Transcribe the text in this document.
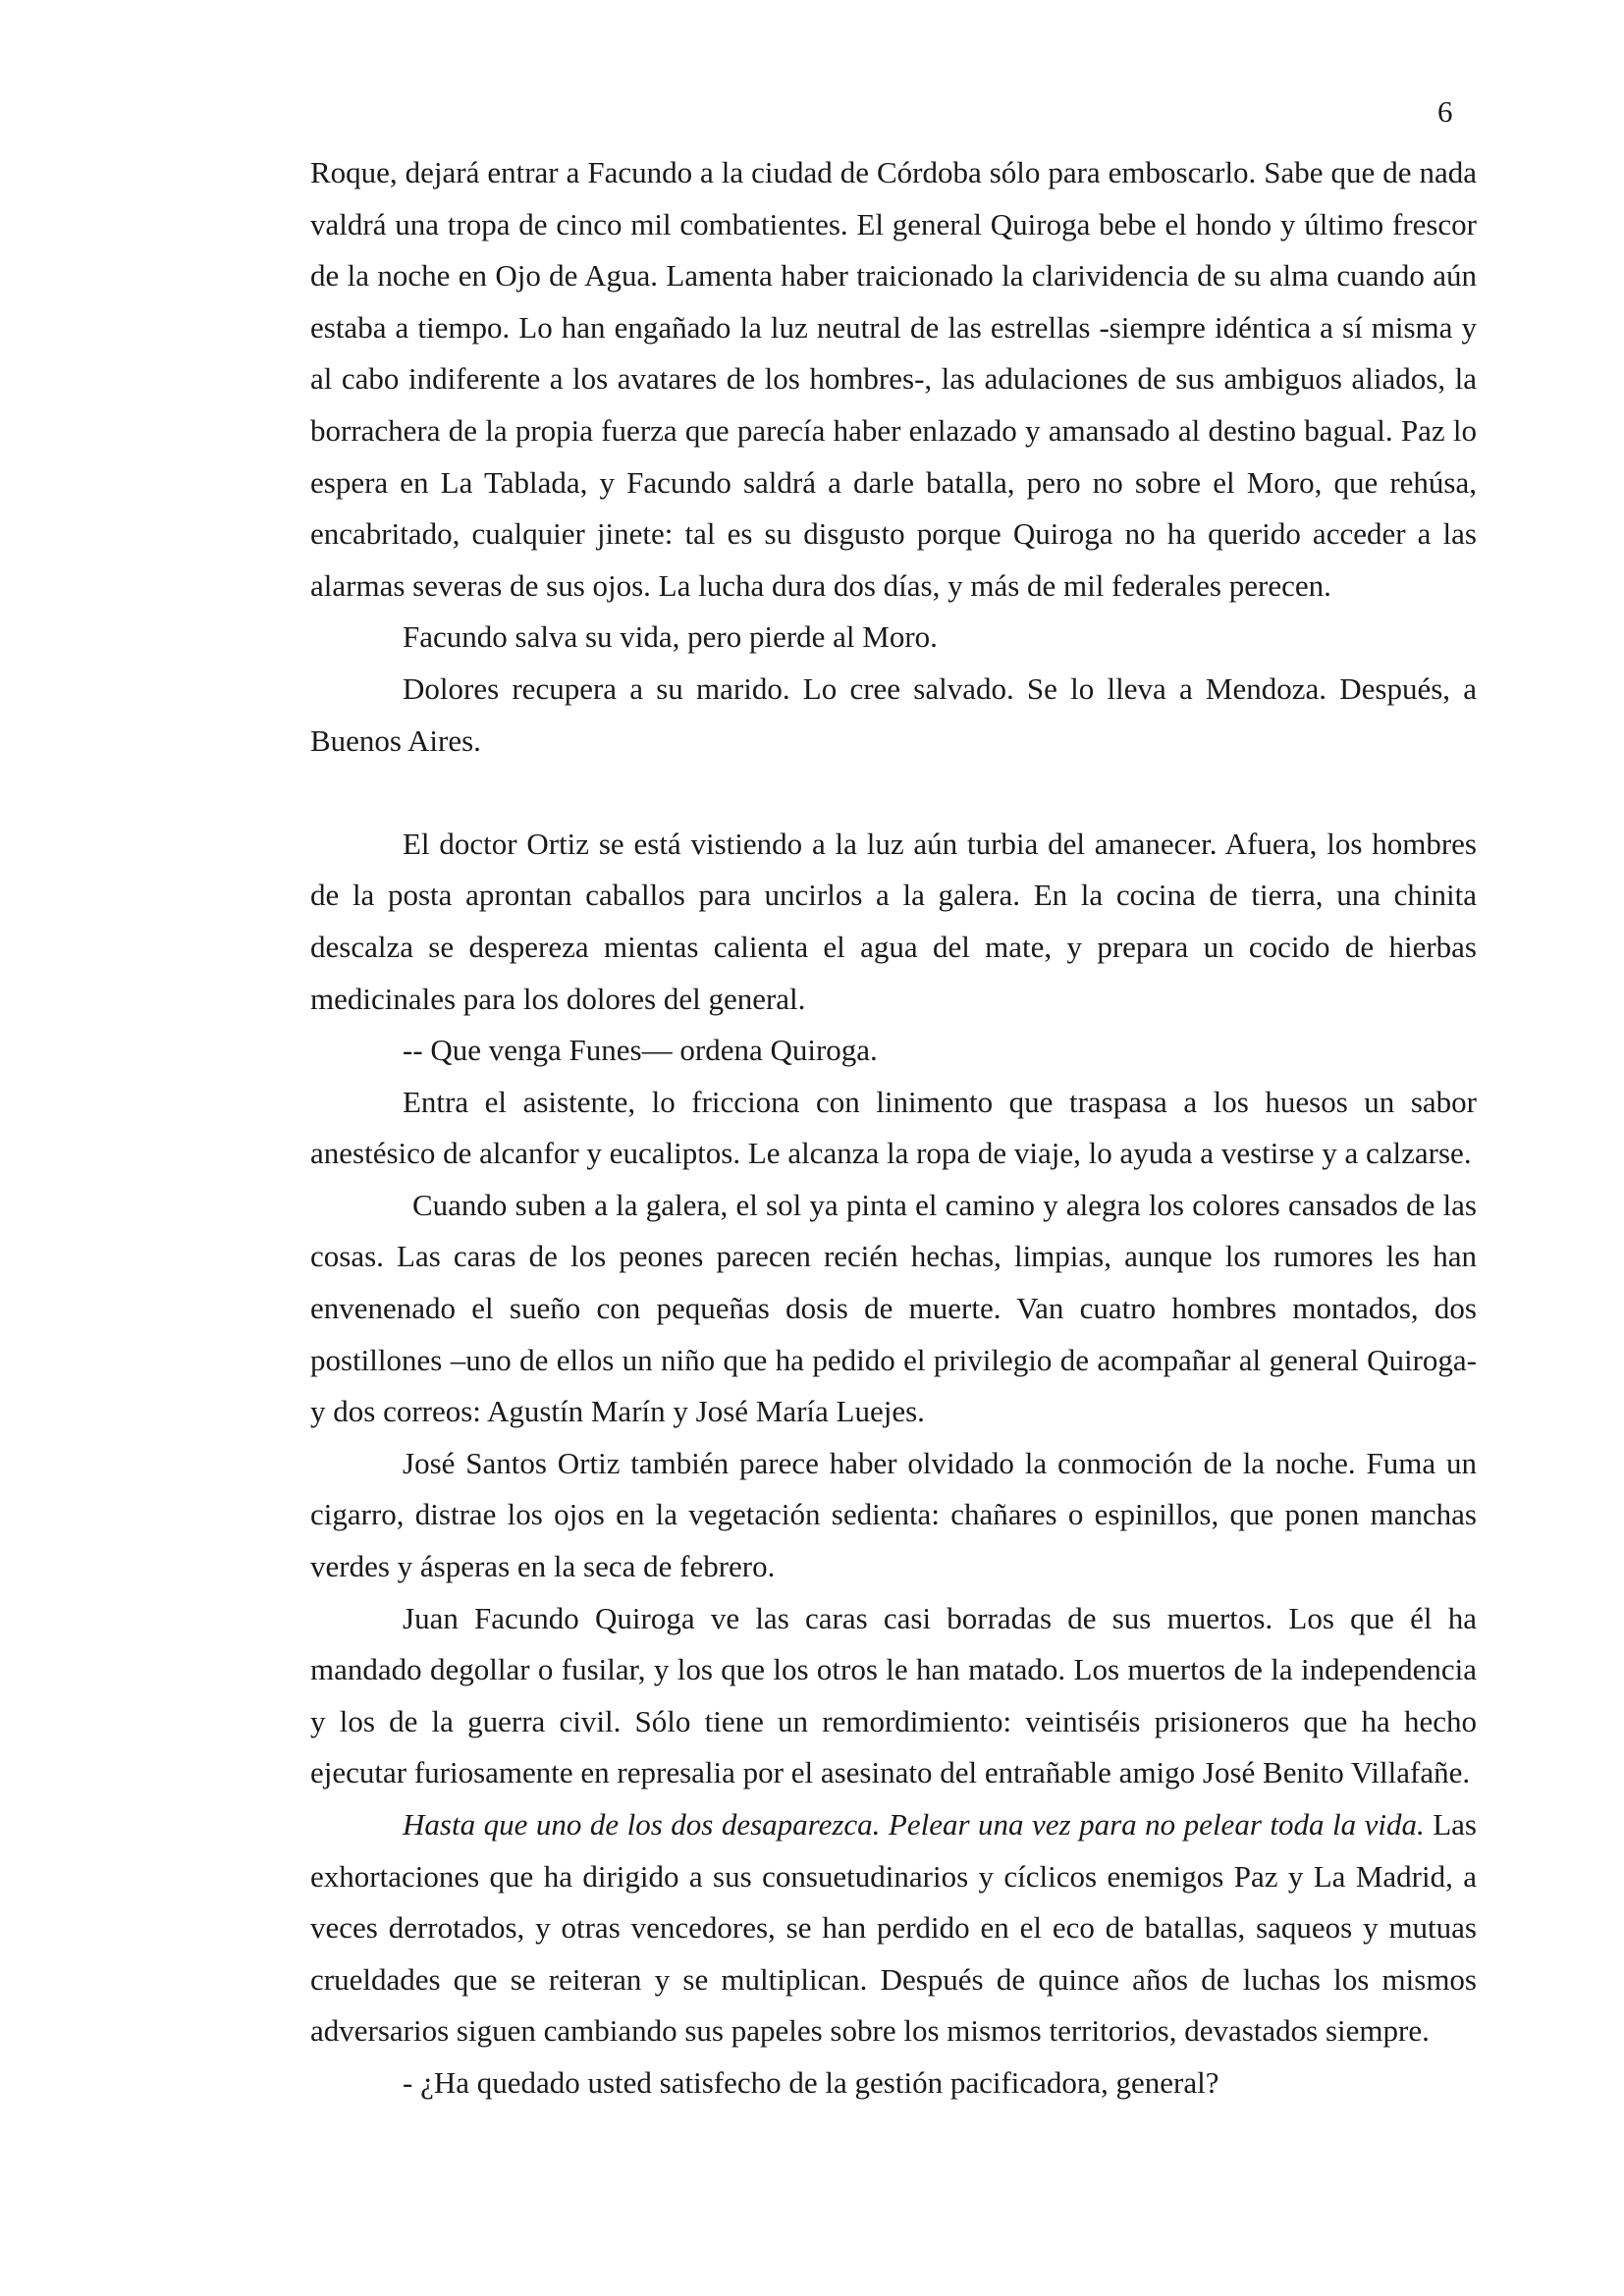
6

Roque, dejará entrar a Facundo a la ciudad de Córdoba sólo para emboscarlo. Sabe que de nada valdrá una tropa de cinco mil combatientes. El general Quiroga bebe el hondo y último frescor de la noche en Ojo de Agua. Lamenta haber traicionado la clarividencia de su alma cuando aún estaba a tiempo. Lo han engañado la luz neutral de las estrellas -siempre idéntica a sí misma y al cabo indiferente a los avatares de los hombres-, las adulaciones de sus ambiguos aliados, la borrachera de la propia fuerza que parecía haber enlazado y amansado al destino bagual. Paz lo espera en La Tablada, y Facundo saldrá a darle batalla, pero no sobre el Moro, que rehúsa, encabritado, cualquier jinete: tal es su disgusto porque Quiroga no ha querido acceder a las alarmas severas de sus ojos. La lucha dura dos días, y más de mil federales perecen.

Facundo salva su vida, pero pierde al Moro.

Dolores recupera a su marido. Lo cree salvado. Se lo lleva a Mendoza. Después, a Buenos Aires.

El doctor Ortiz se está vistiendo a la luz aún turbia del amanecer. Afuera, los hombres de la posta aprontan caballos para uncirlos a la galera. En la cocina de tierra, una chinita descalza se desperezа mientas calienta el agua del mate, y prepara un cocido de hierbas medicinales para los dolores del general.

-- Que venga Funes— ordena Quiroga.

Entra el asistente, lo fricciona con linimento que traspasa a los huesos un sabor anestésico de alcanfor y eucaliptos. Le alcanza la ropa de viaje, lo ayuda a vestirse y a calzarse.

Cuando suben a la galera, el sol ya pinta el camino y alegra los colores cansados de las cosas. Las caras de los peones parecen recién hechas, limpias, aunque los rumores les han envenenado el sueño con pequeñas dosis de muerte. Van cuatro hombres montados, dos postillones –uno de ellos un niño que ha pedido el privilegio de acompañar al general Quiroga- y dos correos: Agustín Marín y José María Luejes.

José Santos Ortiz también parece haber olvidado la conmoción de la noche. Fuma un cigarro, distrae los ojos en la vegetación sedienta: chañares o espinillos, que ponen manchas verdes y ásperas en la seca de febrero.

Juan Facundo Quiroga ve las caras casi borradas de sus muertos. Los que él ha mandado degollar o fusilar, y los que los otros le han matado. Los muertos de la independencia y los de la guerra civil. Sólo tiene un remordimiento: veintiséis prisioneros que ha hecho ejecutar furiosamente en represalia por el asesinato del entrañable amigo José Benito Villafañe.

Hasta que uno de los dos desaparezca. Pelear una vez para no pelear toda la vida. Las exhortaciones que ha dirigido a sus consuetudinarios y cíclicos enemigos Paz y La Madrid, a veces derrotados, y otras vencedores, se han perdido en el eco de batallas, saqueos y mutuas crueldades que se reiteran y se multiplican. Después de quince años de luchas los mismos adversarios siguen cambiando sus papeles sobre los mismos territorios, devastados siempre.

- ¿Ha quedado usted satisfecho de la gestión pacificadora, general?
